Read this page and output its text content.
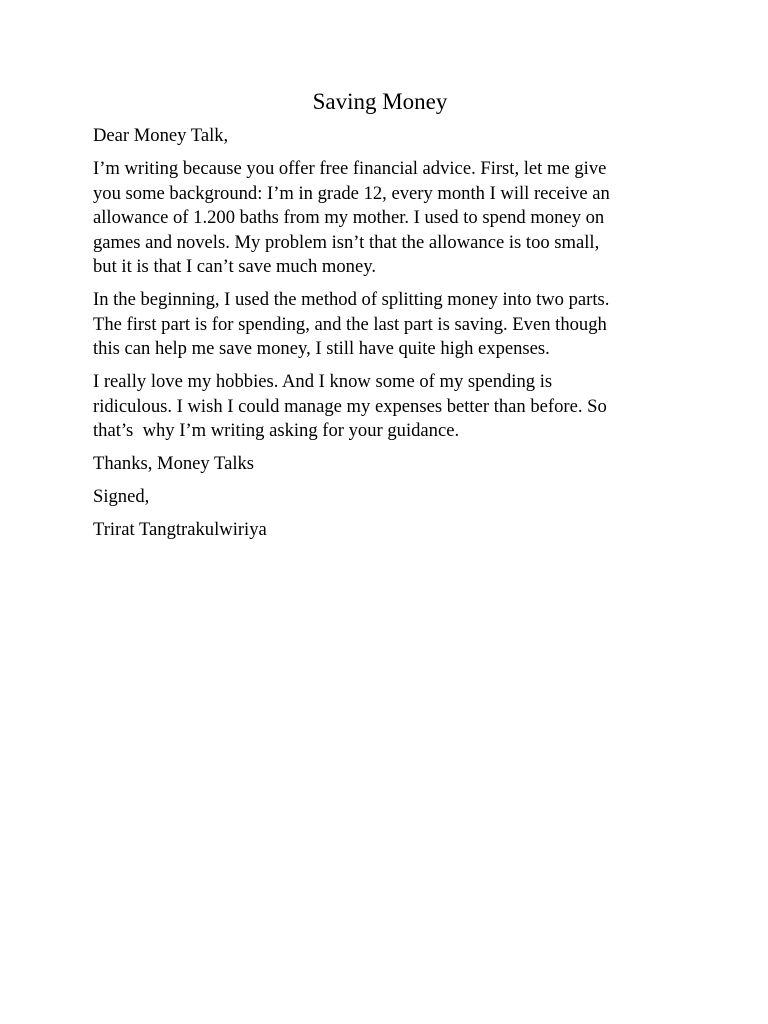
Saving Money

Dear Money Talk,

I’m writing because you offer free financial advice. First, let me give
you some background: I’m in grade 12, every month I will receive an
allowance of 1.200 baths from my mother. I used to spend money on
games and novels. My problem isn’t that the allowance is too small,
but it is that I can’t save much money.

In the beginning, I used the method of splitting money into two parts.
The first part is for spending, and the last part is saving. Even though
this can help me save money, I still have quite high expenses.

I really love my hobbies. And I know some of my spending is
ridiculous. I wish I could manage my expenses better than before. So
that’s  why I’m writing asking for your guidance.

Thanks, Money Talks

Signed,

Trirat Tangtrakulwiriya
